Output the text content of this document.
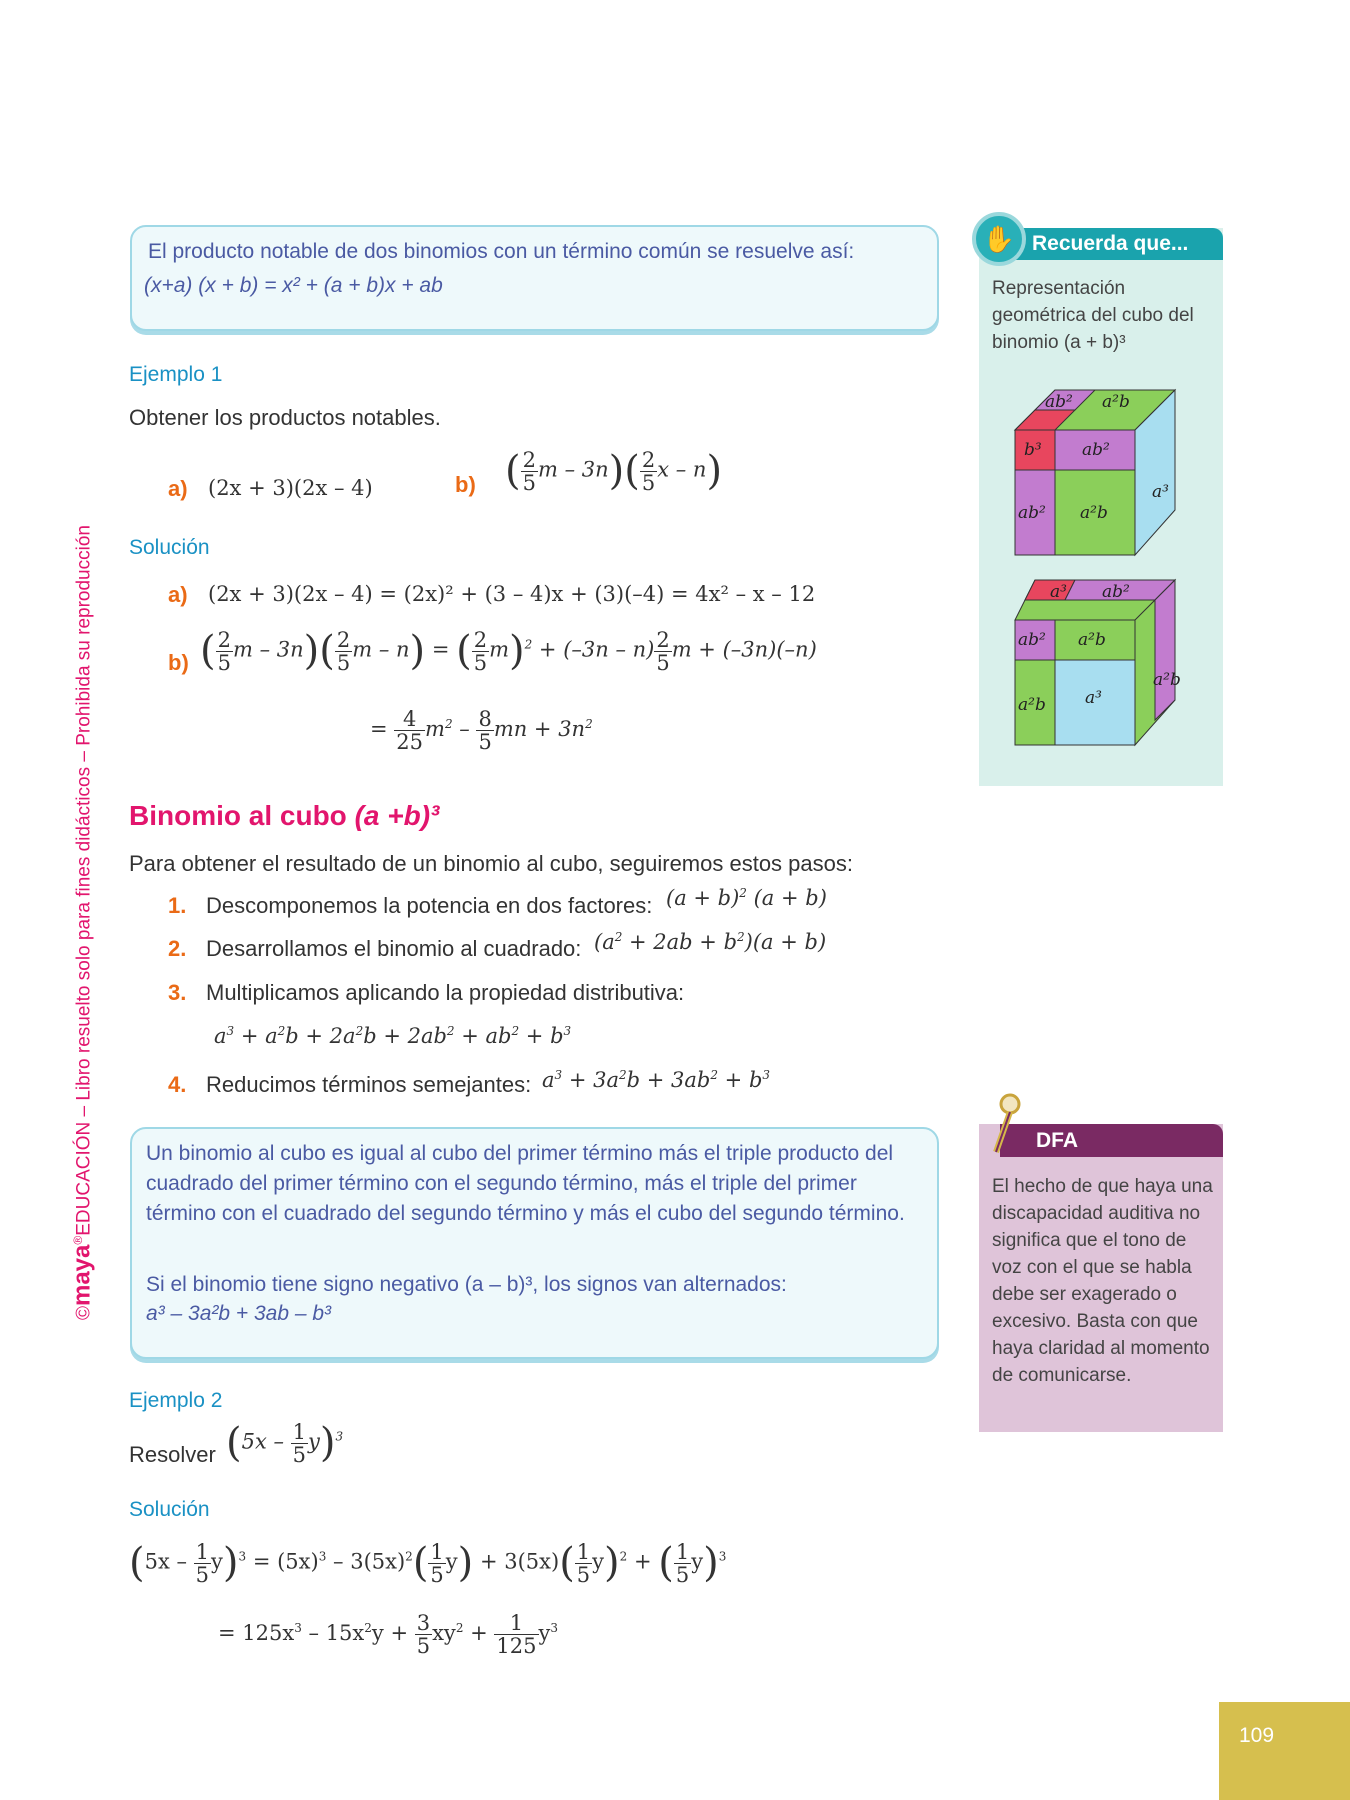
©maya®EDUCACIÓN – Libro resuelto solo para fines didácticos – Prohibida su reproducción
El producto notable de dos binomios con un término común se resuelve así:
(x+a) (x + b) = x² + (a + b)x + ab
Ejemplo 1
Obtener los productos notables.
a) (2x + 3)(2x – 4)	b) ( $\frac{2}{5}$ m – $3n)( \frac{2}{5}$ x – n)
Solución
a) (2x + 3)(2x – 4) = (2x)² + (3 – 4)x + (3)(–4) = 4x² – x – 12
b) ( $\frac{2}{5}$ m – $3n)( \frac{2}{5}$ m – n) = ( $\frac{2}{5} m)^2 + (-3n - n) \frac{2}{5}$ m + (–3n)(–n)
= $\frac{4}{25} m^2 - \frac{8}{5}$ mn + $3n^2$
Binomio al cubo (a +b)³
Para obtener el resultado de un binomio al cubo, seguiremos estos pasos:
1. Descomponemos la potencia en dos factores: $(a + b)^2$ (a + b)
2. Desarrollamos el binomio al cuadrado: $(a^2 + 2ab + b^2)(a + b)$
3. Multiplicamos aplicando la propiedad distributiva:
$a^3 + a^2b + 2a^2b + 2ab^2 + ab^2 + b^3$
4. Reducimos términos semejantes: $a^3 + 3a^2b + 3ab^2 + b^3$
Un binomio al cubo es igual al cubo del primer término más el triple producto del cuadrado del primer término con el segundo término, más el triple del primer término con el cuadrado del segundo término y más el cubo del segundo término.
Si el binomio tiene signo negativo (a – b)³, los signos van alternados:
a³ – 3a²b + 3ab – b³
Ejemplo 2
Resolver $(5x - \frac{1}{5} y)^3$
Solución
$(5x - \frac{1}{5} y)^3 = (5x)^3 - 3(5x)^2( \frac{1}{5} y) + 3(5x)( \frac{1}{5} y)^2$ + ( $\frac{1}{5} y)^3$
= $125x^3 - 15x^2y + \frac{3}{5} xy^2 + \frac{1}{125} y^3$
Recuerda que...
✋
Representación geométrica del cubo del binomio (a + b)³
ab² a²b
b³ ab²
ab² a²b
a³
a³ ab²
ab² a²b
a²b a³
a²b
DFA
El hecho de que haya una discapacidad auditiva no significa que el tono de voz con el que se habla debe ser exagerado o excesivo. Basta con que haya claridad al momento de comunicarse.
109
